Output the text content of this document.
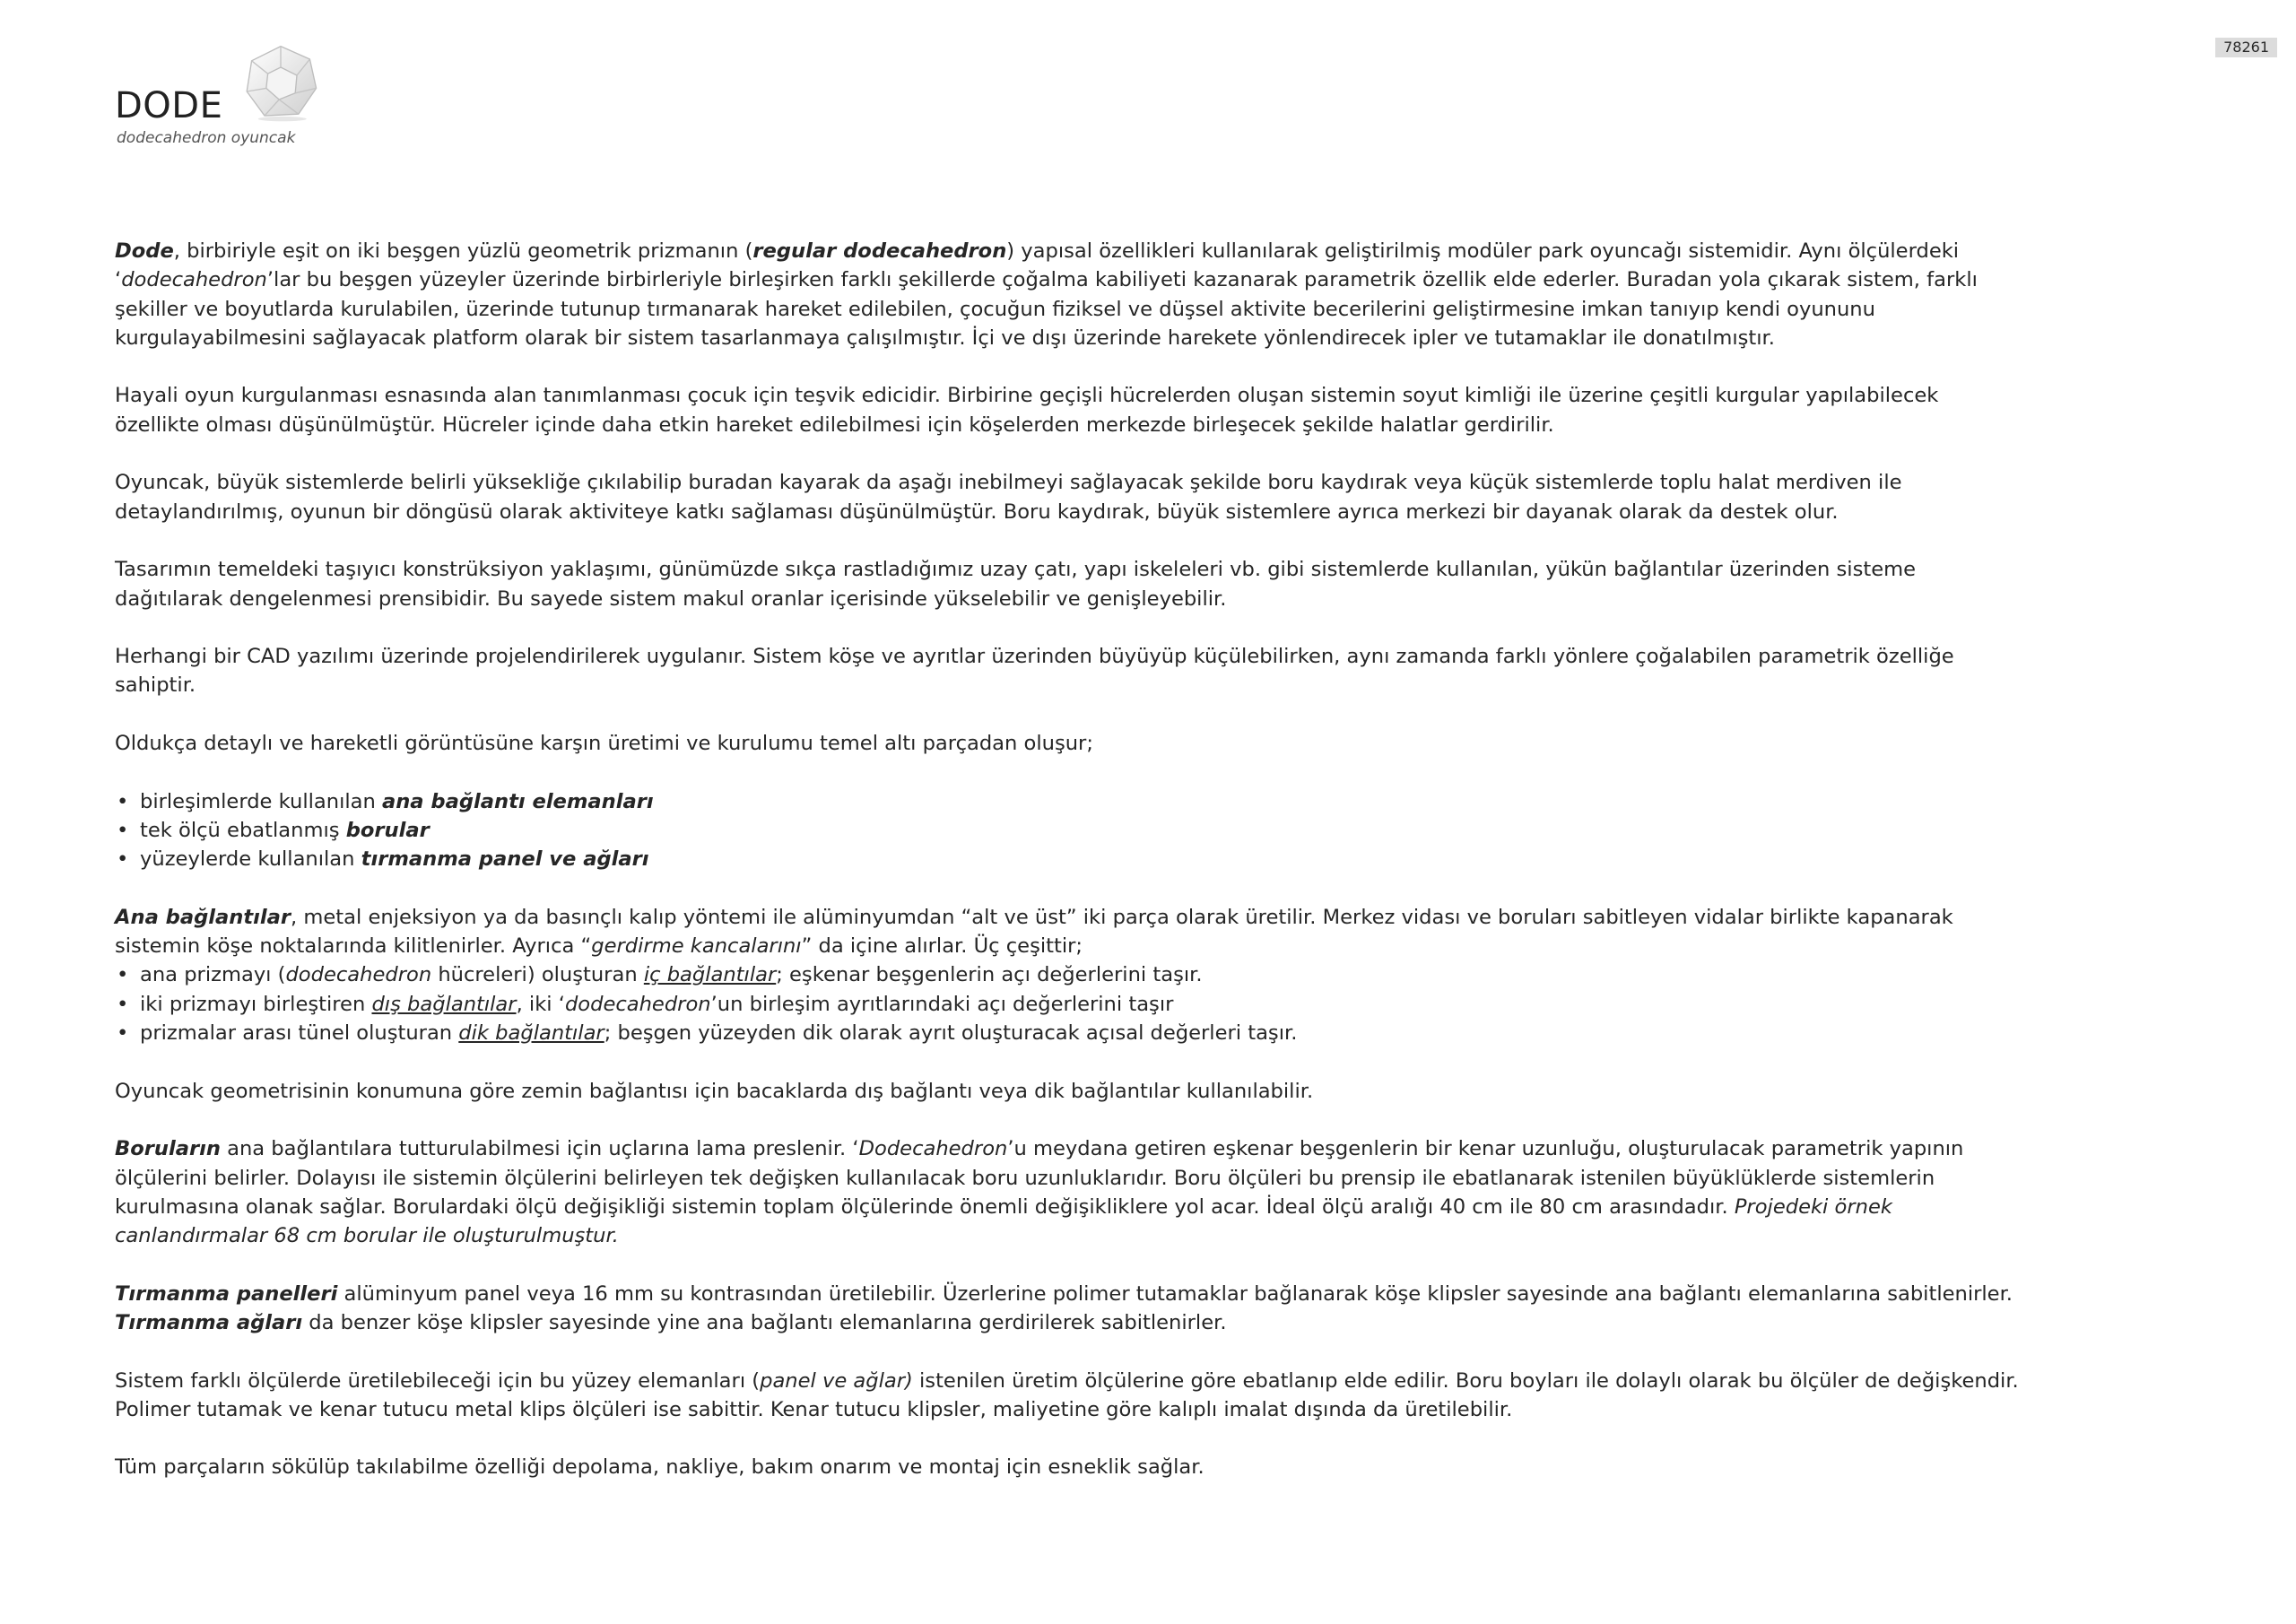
78261
DODE
dodecahedron oyuncak

Dode, birbiriyle eşit on iki beşgen yüzlü geometrik prizmanın (regular dodecahedron) yapısal özellikleri kullanılarak geliştirilmiş modüler park oyuncağı sistemidir. Aynı ölçülerdeki ‘dodecahedron’lar bu beşgen yüzeyler üzerinde birbirleriyle birleşirken farklı şekillerde çoğalma kabiliyeti kazanarak parametrik özellik elde ederler. Buradan yola çıkarak sistem, farklı şekiller ve boyutlarda kurulabilen, üzerinde tutunup tırmanarak hareket edilebilen, çocuğun fiziksel ve düşsel aktivite becerilerini geliştirmesine imkan tanıyıp kendi oyununu kurgulayabilmesini sağlayacak platform olarak bir sistem tasarlanmaya çalışılmıştır. İçi ve dışı üzerinde harekete yönlendirecek ipler ve tutamaklar ile donatılmıştır.

Hayali oyun kurgulanması esnasında alan tanımlanması çocuk için teşvik edicidir. Birbirine geçişli hücrelerden oluşan sistemin soyut kimliği ile üzerine çeşitli kurgular yapılabilecek özellikte olması düşünülmüştür. Hücreler içinde daha etkin hareket edilebilmesi için köşelerden merkezde birleşecek şekilde halatlar gerdirilir.

Oyuncak, büyük sistemlerde belirli yüksekliğe çıkılabilip buradan kayarak da aşağı inebilmeyi sağlayacak şekilde boru kaydırak veya küçük sistemlerde toplu halat merdiven ile detaylandırılmış, oyunun bir döngüsü olarak aktiviteye katkı sağlaması düşünülmüştür. Boru kaydırak, büyük sistemlere ayrıca merkezi bir dayanak olarak da destek olur.

Tasarımın temeldeki taşıyıcı konstrüksiyon yaklaşımı, günümüzde sıkça rastladığımız uzay çatı, yapı iskeleleri vb. gibi sistemlerde kullanılan, yükün bağlantılar üzerinden sisteme dağıtılarak dengelenmesi prensibidir. Bu sayede sistem makul oranlar içerisinde yükselebilir ve genişleyebilir.

Herhangi bir CAD yazılımı üzerinde projelendirilerek uygulanır. Sistem köşe ve ayrıtlar üzerinden büyüyüp küçülebilirken, aynı zamanda farklı yönlere çoğalabilen parametrik özelliğe sahiptir.

Oldukça detaylı ve hareketli görüntüsüne karşın üretimi ve kurulumu temel altı parçadan oluşur;

• birleşimlerde kullanılan ana bağlantı elemanları
• tek ölçü ebatlanmış borular
• yüzeylerde kullanılan tırmanma panel ve ağları

Ana bağlantılar, metal enjeksiyon ya da basınçlı kalıp yöntemi ile alüminyumdan “alt ve üst” iki parça olarak üretilir. Merkez vidası ve boruları sabitleyen vidalar birlikte kapanarak sistemin köşe noktalarında kilitlenirler. Ayrıca “gerdirme kancalarını” da içine alırlar. Üç çeşittir;

• ana prizmayı (dodecahedron hücreleri) oluşturan iç bağlantılar; eşkenar beşgenlerin açı değerlerini taşır.
• iki prizmayı birleştiren dış bağlantılar, iki ‘dodecahedron’un birleşim ayrıtlarındaki açı değerlerini taşır
• prizmalar arası tünel oluşturan dik bağlantılar; beşgen yüzeyden dik olarak ayrıt oluşturacak açısal değerleri taşır.

Oyuncak geometrisinin konumuna göre zemin bağlantısı için bacaklarda dış bağlantı veya dik bağlantılar kullanılabilir.

Boruların ana bağlantılara tutturulabilmesi için uçlarına lama preslenir. ‘Dodecahedron’u meydana getiren eşkenar beşgenlerin bir kenar uzunluğu, oluşturulacak parametrik yapının ölçülerini belirler. Dolayısı ile sistemin ölçülerini belirleyen tek değişken kullanılacak boru uzunluklarıdır. Boru ölçüleri bu prensip ile ebatlanarak istenilen büyüklüklerde sistemlerin kurulmasına olanak sağlar. Borulardaki ölçü değişikliği sistemin toplam ölçülerinde önemli değişikliklere yol acar. İdeal ölçü aralığı 40 cm ile 80 cm arasındadır. Projedeki örnek canlandırmalar 68 cm borular ile oluşturulmuştur.

Tırmanma panelleri alüminyum panel veya 16 mm su kontrasından üretilebilir. Üzerlerine polimer tutamaklar bağlanarak köşe klipsler sayesinde ana bağlantı elemanlarına sabitlenirler. Tırmanma ağları da benzer köşe klipsler sayesinde yine ana bağlantı elemanlarına gerdirilerek sabitlenirler.

Sistem farklı ölçülerde üretilebileceği için bu yüzey elemanları (panel ve ağlar) istenilen üretim ölçülerine göre ebatlanıp elde edilir. Boru boyları ile dolaylı olarak bu ölçüler de değişkendir. Polimer tutamak ve kenar tutucu metal klips ölçüleri ise sabittir. Kenar tutucu klipsler, maliyetine göre kalıplı imalat dışında da üretilebilir.

Tüm parçaların sökülüp takılabilme özelliği depolama, nakliye, bakım onarım ve montaj için esneklik sağlar.
